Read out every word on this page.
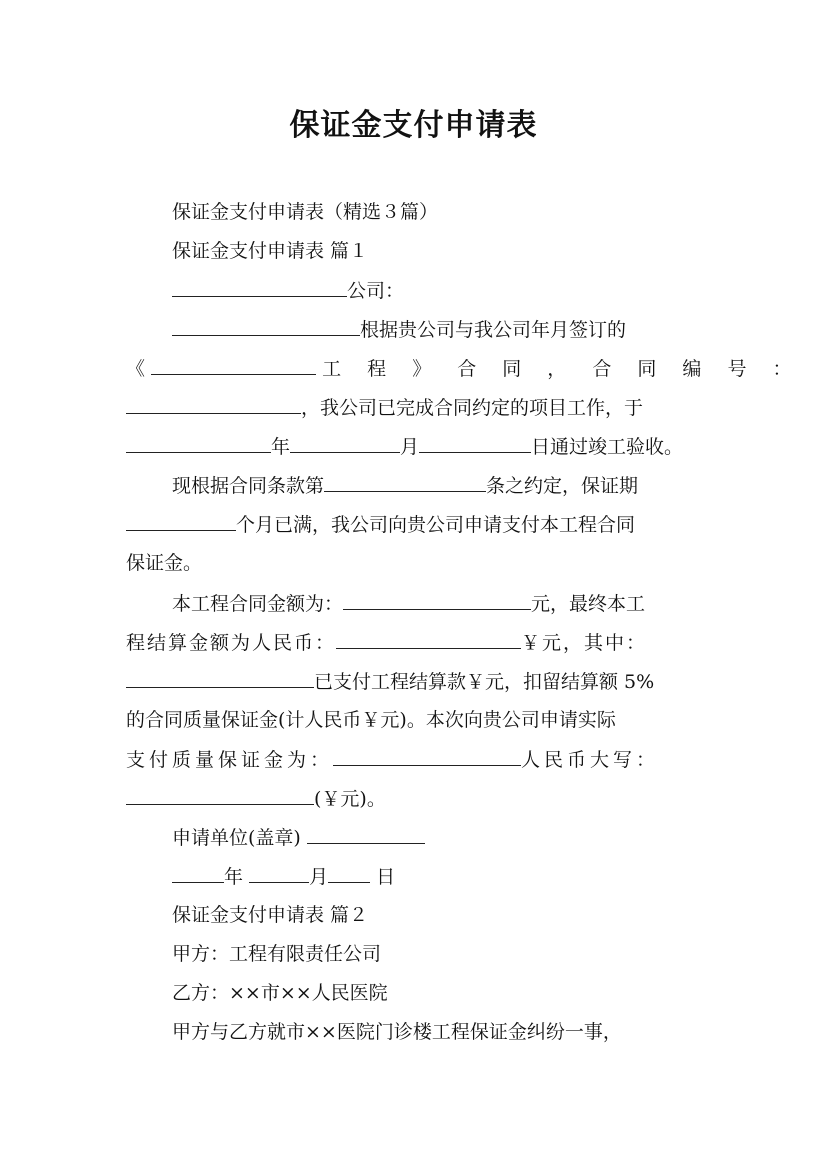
保证金支付申请表
保证金支付申请表（精选３篇）
保证金支付申请表 篇１
公司：
根据贵公司与我公司年月签订的
《	工 程 》 合 同 ， 合 同 编 号 ：
，我公司已完成合同约定的项目工作，于
年	月	日通过竣工验收。
现根据合同条款第	条之约定，保证期
个月已满，我公司向贵公司申请支付本工程合同
保证金。
本工程合同金额为：	元，最终本工
程结算金额为人民币：	￥元，其中：
已支付工程结算款￥元，扣留结算额 5%
的合同质量保证金(计人民币￥元)。本次向贵公司申请实际
支付质量保证金为：	人民币大写：
(￥元)。
申请单位(盖章)
年	月	日
保证金支付申请表 篇２
甲方：工程有限责任公司
乙方：××市××人民医院
甲方与乙方就市××医院门诊楼工程保证金纠纷一事，
